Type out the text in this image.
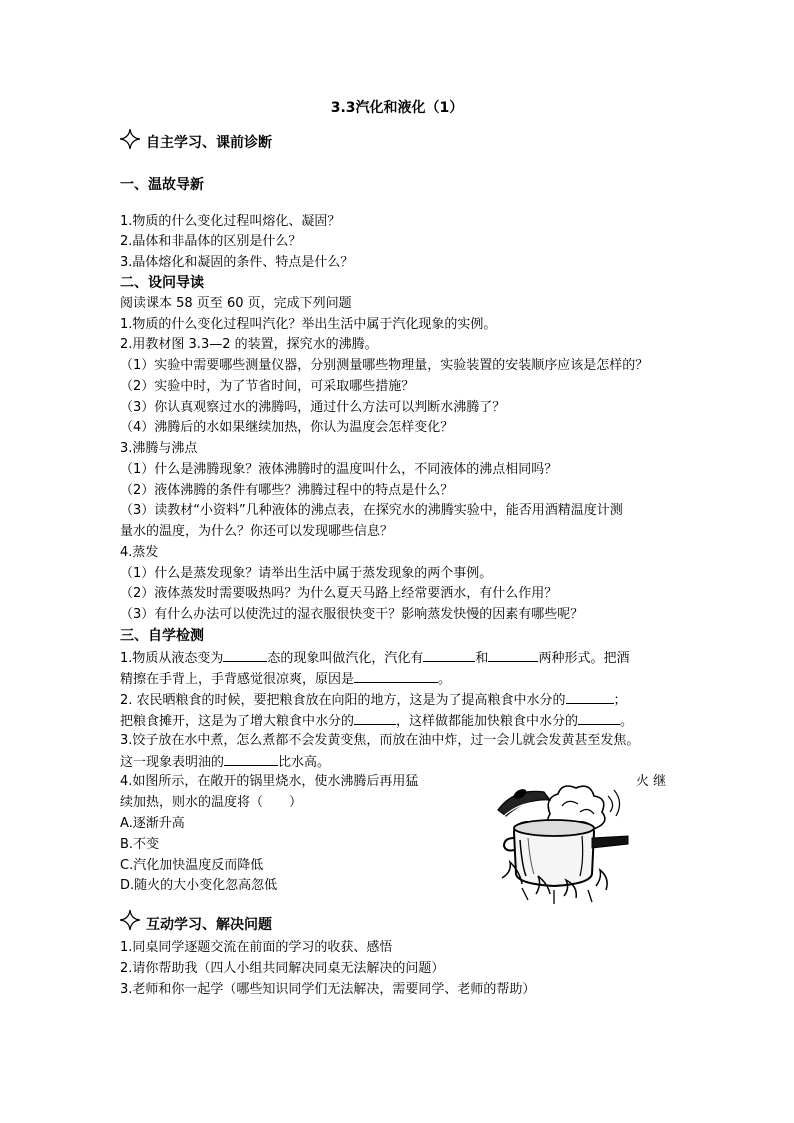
3.3汽化和液化（1）
自主学习、课前诊断
一、温故导新
1.物质的什么变化过程叫熔化、凝固？
2.晶体和非晶体的区别是什么？
3.晶体熔化和凝固的条件、特点是什么？
二、设问导读
阅读课本 58 页至 60 页，完成下列问题
1.物质的什么变化过程叫汽化？举出生活中属于汽化现象的实例。
2.用教材图 3.3—2 的装置，探究水的沸腾。
（1）实验中需要哪些测量仪器，分别测量哪些物理量，实验装置的安装顺序应该是怎样的？
（2）实验中时，为了节省时间，可采取哪些措施？
（3）你认真观察过水的沸腾吗，通过什么方法可以判断水沸腾了？
（4）沸腾后的水如果继续加热，你认为温度会怎样变化？
3.沸腾与沸点
（1）什么是沸腾现象？液体沸腾时的温度叫什么，不同液体的沸点相同吗？
（2）液体沸腾的条件有哪些？沸腾过程中的特点是什么？
（3）读教材“小资料”几种液体的沸点表，在探究水的沸腾实验中，能否用酒精温度计测
量水的温度，为什么？你还可以发现哪些信息？
4.蒸发
（1）什么是蒸发现象？请举出生活中属于蒸发现象的两个事例。
（2）液体蒸发时需要吸热吗？为什么夏天马路上经常要洒水，有什么作用？
（3）有什么办法可以使洗过的湿衣服很快变干？影响蒸发快慢的因素有哪些呢？
三、自学检测
1.物质从液态变为	态的现象叫做汽化，汽化有	和	两种形式。把酒
精擦在手背上，手背感觉很凉爽，原因是	。
2. 农民晒粮食的时候，要把粮食放在向阳的地方，这是为了提高粮食中水分的	；
把粮食摊开，这是为了增大粮食中水分的	，这样做都能加快粮食中水分的	。
3.饺子放在水中煮，怎么煮都不会发黄变焦，而放在油中炸，过一会儿就会发黄甚至发焦。
这一现象表明油的	比水高。
4.如图所示，在敞开的锅里烧水，使水沸腾后再用猛	火 继
续加热，则水的温度将（　　）
A.逐渐升高
B.不变
C.汽化加快温度反而降低
D.随火的大小变化忽高忽低
互动学习、解决问题
1.同桌同学逐题交流在前面的学习的收获、感悟
2.请你帮助我（四人小组共同解决同桌无法解决的问题）
3.老师和你一起学（哪些知识同学们无法解决，需要同学、老师的帮助）
